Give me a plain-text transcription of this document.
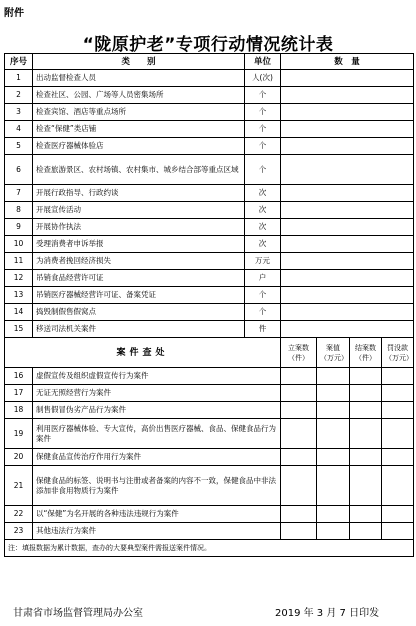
附件
“陇原护老”专项行动情况统计表
序号	类　　别	单位	数　量			
1	出动监督检查人员	人(次)				
2	检查社区、公园、广场等人员密集场所	个				
3	检查宾馆、酒店等重点场所	个				
4	检查“保健”类店铺	个				
5	检查医疗器械体验店	个				
6	检查旅游景区、农村场镇、农村集市、城乡结合部等重点区域	个				
7	开展行政指导、行政约谈	次				
8	开展宣传活动	次				
9	开展协作执法	次				
10	受理消费者申诉举报	次				
11	为消费者挽回经济损失	万元				
12	吊销食品经营许可证	户				
13	吊销医疗器械经营许可证、备案凭证	个				
14	捣毁制假售假窝点	个				
15	移送司法机关案件	件				
案件查处			立案数（件）	案值（万元）	结案数（件）	罚没款（万元）
16	虚假宣传及组织虚假宣传行为案件					
17	无证无照经营行为案件					
18	制售假冒伪劣产品行为案件					
19	利用医疗器械体验、专大宣传，高价出售医疗器械、食品、保健食品行为案件					
20	保健食品宣传治疗作用行为案件					
21	保健食品的标签、说明书与注册或者备案的内容不一致，保健食品中非法添加非食用物质行为案件					
22	以“保健”为名开展的各种违法违规行为案件					
23	其他违法行为案件					
注：填报数据为累计数据，查办的大要典型案件需报送案件情况。						
甘肃省市场监督管理局办公室	2019 年 3 月 7 日印发
